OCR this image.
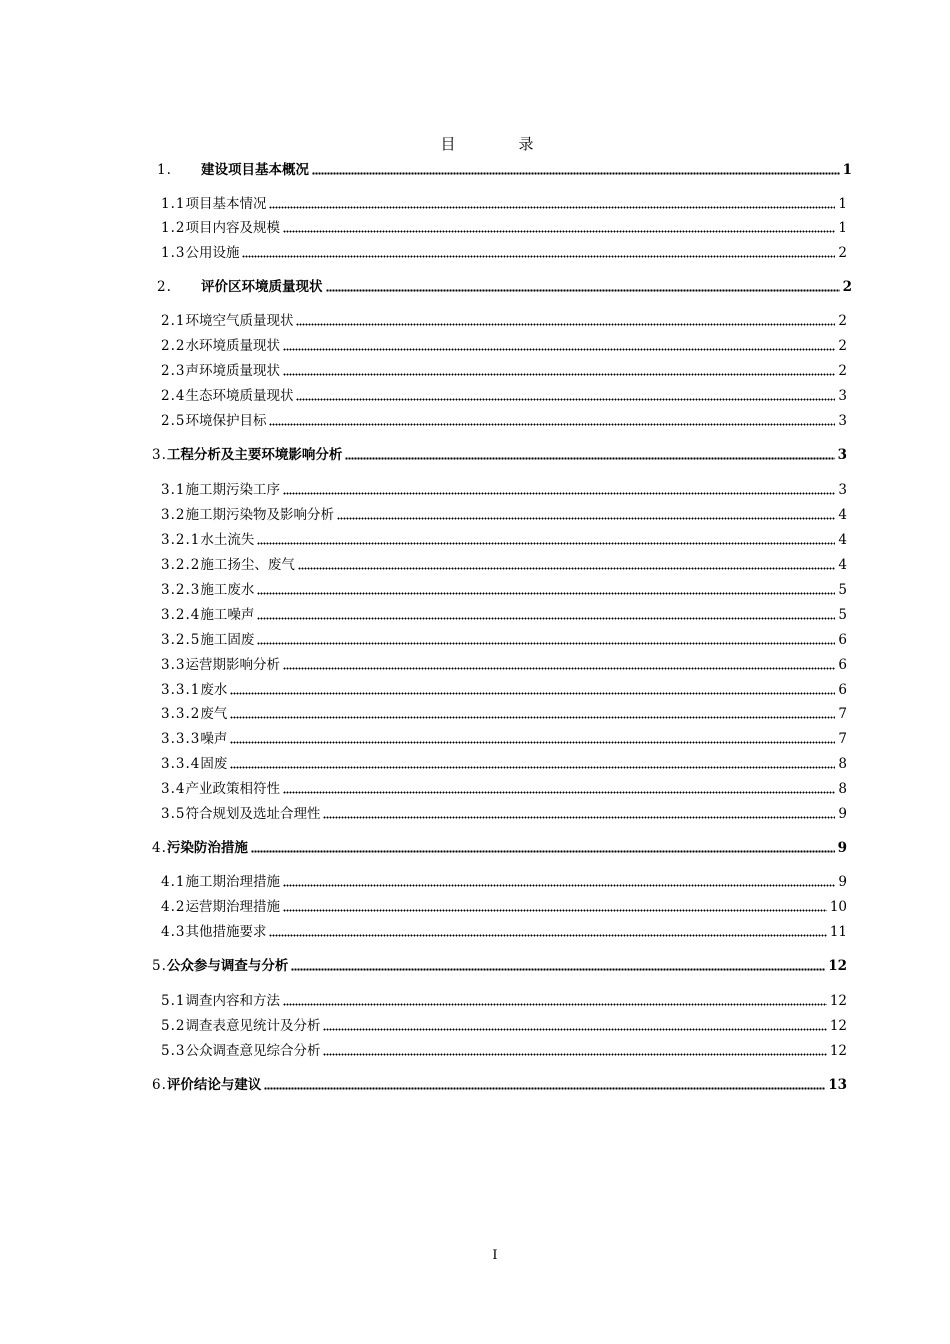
目　录
1.	建设项目基本概况	1
1.1 项目基本情况	1
1.2 项目内容及规模	1
1.3 公用设施	2
2.	评价区环境质量现状	2
2.1 环境空气质量现状	2
2.2 水环境质量现状	2
2.3 声环境质量现状	2
2.4 生态环境质量现状	3
2.5 环境保护目标	3
3. 工程分析及主要环境影响分析	3
3.1 施工期污染工序	3
3.2 施工期污染物及影响分析	4
3.2.1 水土流失	4
3.2.2 施工扬尘、废气	4
3.2.3 施工废水	5
3.2.4 施工噪声	5
3.2.5 施工固废	6
3.3 运营期影响分析	6
3.3.1 废水	6
3.3.2 废气	7
3.3.3 噪声	7
3.3.4 固废	8
3.4 产业政策相符性	8
3.5 符合规划及选址合理性	9
4. 污染防治措施	9
4.1 施工期治理措施	9
4.2 运营期治理措施	10
4.3 其他措施要求	11
5. 公众参与调查与分析	12
5.1 调查内容和方法	12
5.2 调查表意见统计及分析	12
5.3 公众调查意见综合分析	12
6. 评价结论与建议	13
I
